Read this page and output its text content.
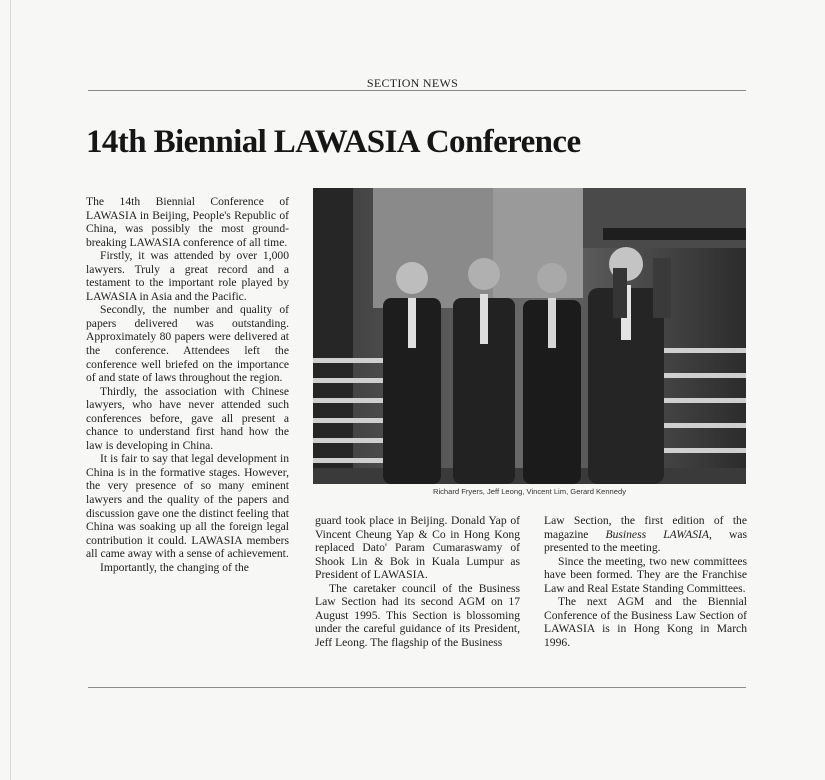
SECTION NEWS
14th Biennial LAWASIA Conference

The 14th Biennial Conference of LAWASIA in Beijing, People's Republic of China, was possibly the most ground-breaking LAWASIA conference of all time.

Firstly, it was attended by over 1,000 lawyers. Truly a great record and a testament to the important role played by LAWASIA in Asia and the Pacific.

Secondly, the number and quality of papers delivered was outstanding. Approximately 80 papers were delivered at the conference. Attendees left the conference well briefed on the importance of and state of laws throughout the region.

Thirdly, the association with Chinese lawyers, who have never attended such conferences before, gave all present a chance to understand first hand how the law is developing in China.

It is fair to say that legal development in China is in the formative stages. However, the very presence of so many eminent lawyers and the quality of the papers and discussion gave one the distinct feeling that China was soaking up all the foreign legal contribution it could. LAWASIA members all came away with a sense of achievement.

Importantly, the changing of the

Richard Fryers, Jeff Leong, Vincent Lim, Gerard Kennedy

guard took place in Beijing. Donald Yap of Vincent Cheung Yap & Co in Hong Kong replaced Dato' Param Cumaraswamy of Shook Lin & Bok in Kuala Lumpur as President of LAWASIA.

The caretaker council of the Business Law Section had its second AGM on 17 August 1995. This Section is blossoming under the careful guidance of its President, Jeff Leong. The flagship of the Business

Law Section, the first edition of the magazine Business LAWASIA, was presented to the meeting.

Since the meeting, two new committees have been formed. They are the Franchise Law and Real Estate Standing Committees.

The next AGM and the Biennial Conference of the Business Law Section of LAWASIA is in Hong Kong in March 1996.
